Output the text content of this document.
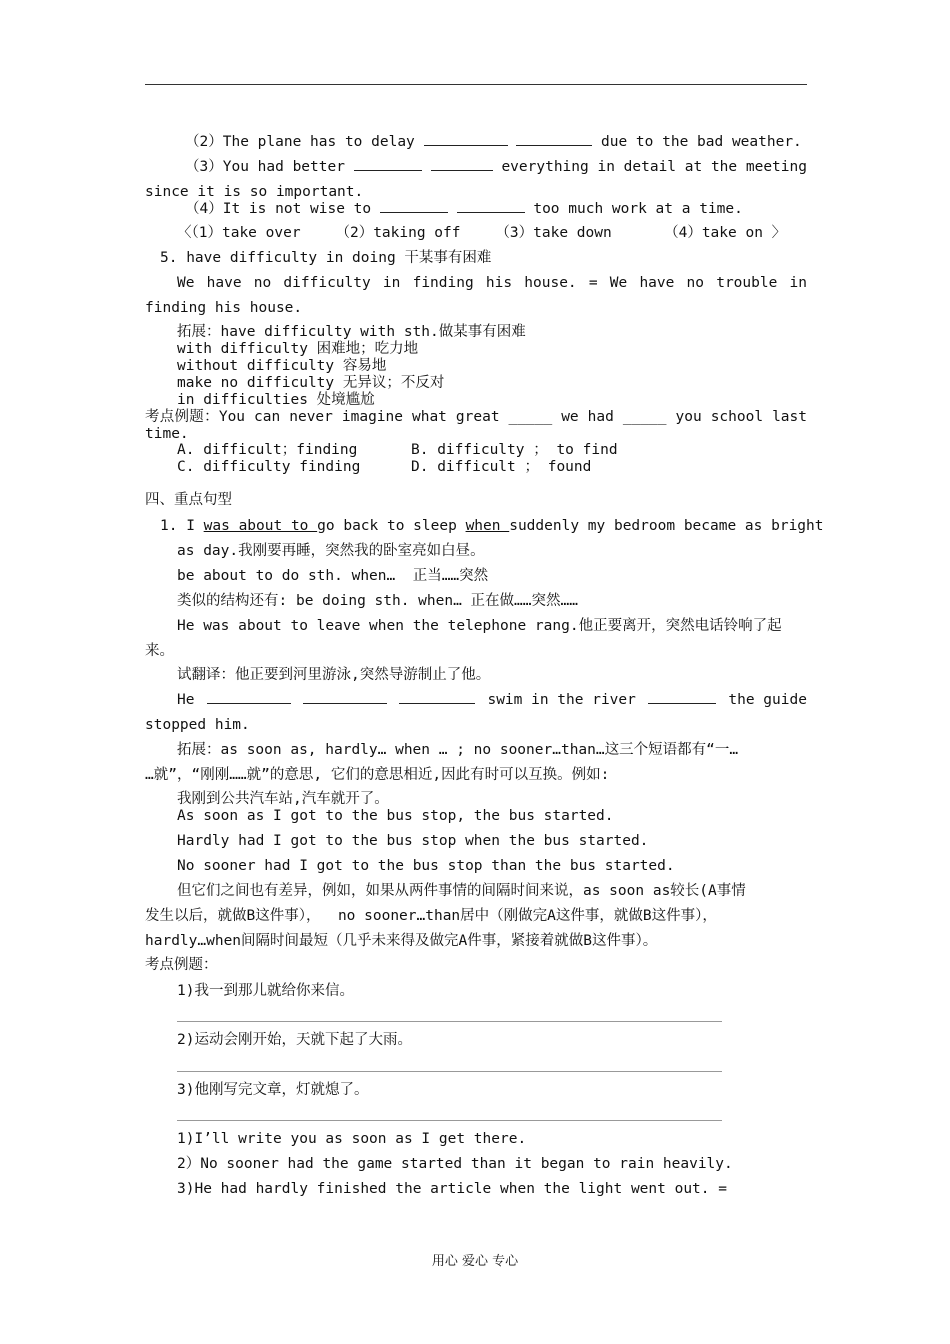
（2）The plane has to delay	due to the bad weather.
（3）You had better	everything in detail at the meeting
since it is so important.
（4）It is not wise to	too much work at a time.
〈（1）take over    （2）taking off    （3）take down      （4）take on 〉
5. have difficulty in doing 干某事有困难
We have no difficulty in finding his house. = We have no trouble in
finding his house.
拓展：have difficulty with sth.做某事有困难
with difficulty 困难地；吃力地
without difficulty 容易地
make no difficulty 无异议；不反对
in difficulties 处境尴尬
考点例题：You can never imagine what great _____ we had _____ you school last
time.
A. difficult；finding	B. difficulty ； to find
C. difficulty finding	D. difficult ； found
四、重点句型
1. I was about to go back to sleep when suddenly my bedroom became as bright
as day.我刚要再睡，突然我的卧室亮如白昼。
be about to do sth. when…  正当……突然
类似的结构还有: be doing sth. when… 正在做……突然……
He was about to leave when the telephone rang.他正要离开，突然电话铃响了起
来。
试翻译：他正要到河里游泳,突然导游制止了他。
He	swim in the river	the guide
stopped him.
拓展：as soon as, hardly… when … ; no sooner…than…这三个短语都有“一…
…就”，“刚刚……就”的意思, 它们的意思相近,因此有时可以互换。例如:
我刚到公共汽车站,汽车就开了。
As soon as I got to the bus stop, the bus started.
Hardly had I got to the bus stop when the bus started.
No sooner had I got to the bus stop than the bus started.
但它们之间也有差异，例如，如果从两件事情的间隔时间来说，as soon as较长(A事情
发生以后，就做B这件事），  no sooner…than居中（刚做完A这件事，就做B这件事），
hardly…when间隔时间最短（几乎未来得及做完A件事，紧接着就做B这件事）。
考点例题：
1)我一到那儿就给你来信。
2)运动会刚开始，天就下起了大雨。
3)他刚写完文章，灯就熄了。
1)I’ll write you as soon as I get there.
2）No sooner had the game started than it began to rain heavily.
3)He had hardly finished the article when the light went out. =
用心 爱心 专心
